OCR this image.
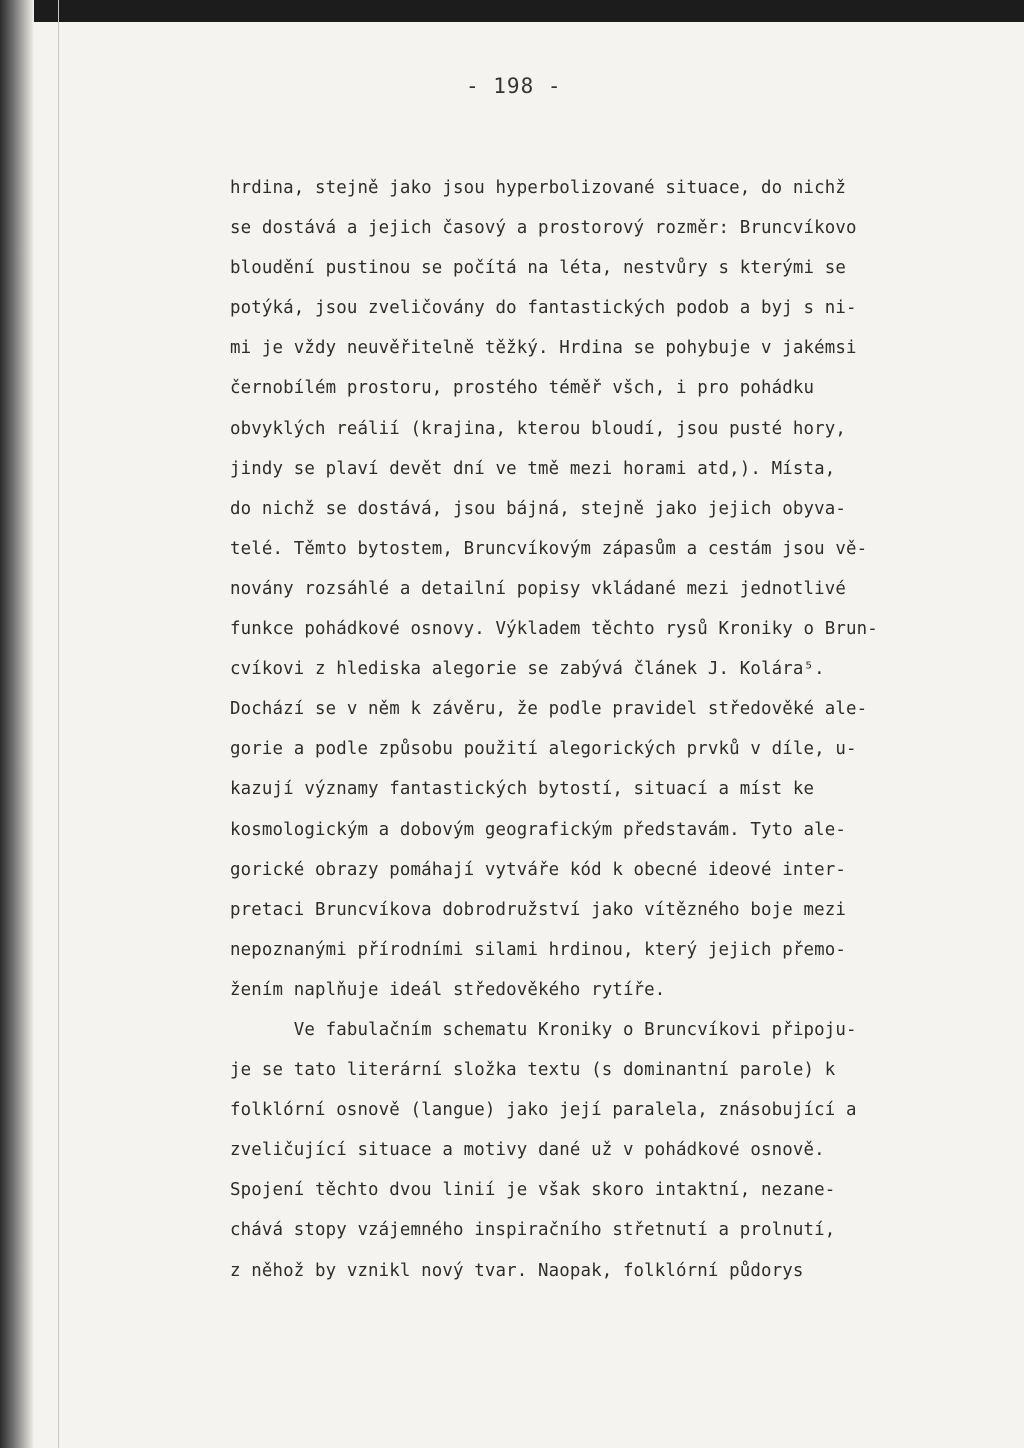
- 198 -
hrdina, stejně jako jsou hyperbolizované situace, do nichž
se dostává a jejich časový a prostorový rozměr: Bruncvíkovo
bloudění pustinou se počítá na léta, nestvůry s kterými se
potýká, jsou zveličovány do fantastických podob a byj s ni-
mi je vždy neuvěřitelně těžký. Hrdina se pohybuje v jakémsi
černobílém prostoru, prostého téměř všch, i pro pohádku
obvyklých reálií (krajina, kterou bloudí, jsou pusté hory,
jindy se plaví devět dní ve tmě mezi horami atd,). Místa,
do nichž se dostává, jsou bájná, stejně jako jejich obyva-
telé. Těmto bytostem, Bruncvíkovým zápasům a cestám jsou vě-
novány rozsáhlé a detailní popisy vkládané mezi jednotlivé
funkce pohádkové osnovy. Výkladem těchto rysů Kroniky o Brun-
cvíkovi z hlediska alegorie se zabývá článek J. Kolára⁵.
Dochází se v něm k závěru, že podle pravidel středověké ale-
gorie a podle způsobu použití alegorických prvků v díle, u-
kazují významy fantastických bytostí, situací a míst ke
kosmologickým a dobovým geografickým představám. Tyto ale-
gorické obrazy pomáhají vytváře kód k obecné ideové inter-
pretaci Bruncvíkova dobrodružství jako vítězného boje mezi
nepoznanými přírodními silami hrdinou, který jejich přemo-
žením naplňuje ideál středověkého rytíře.
Ve fabulačním schematu Kroniky o Bruncvíkovi připoju-
je se tato literární složka textu (s dominantní parole) k
folklórní osnově (langue) jako její paralela, znásobující a
zveličující situace a motivy dané už v pohádkové osnově.
Spojení těchto dvou linií je však skoro intaktní, nezane-
chává stopy vzájemného inspiračního střetnutí a prolnutí,
z něhož by vznikl nový tvar. Naopak, folklórní půdorys
